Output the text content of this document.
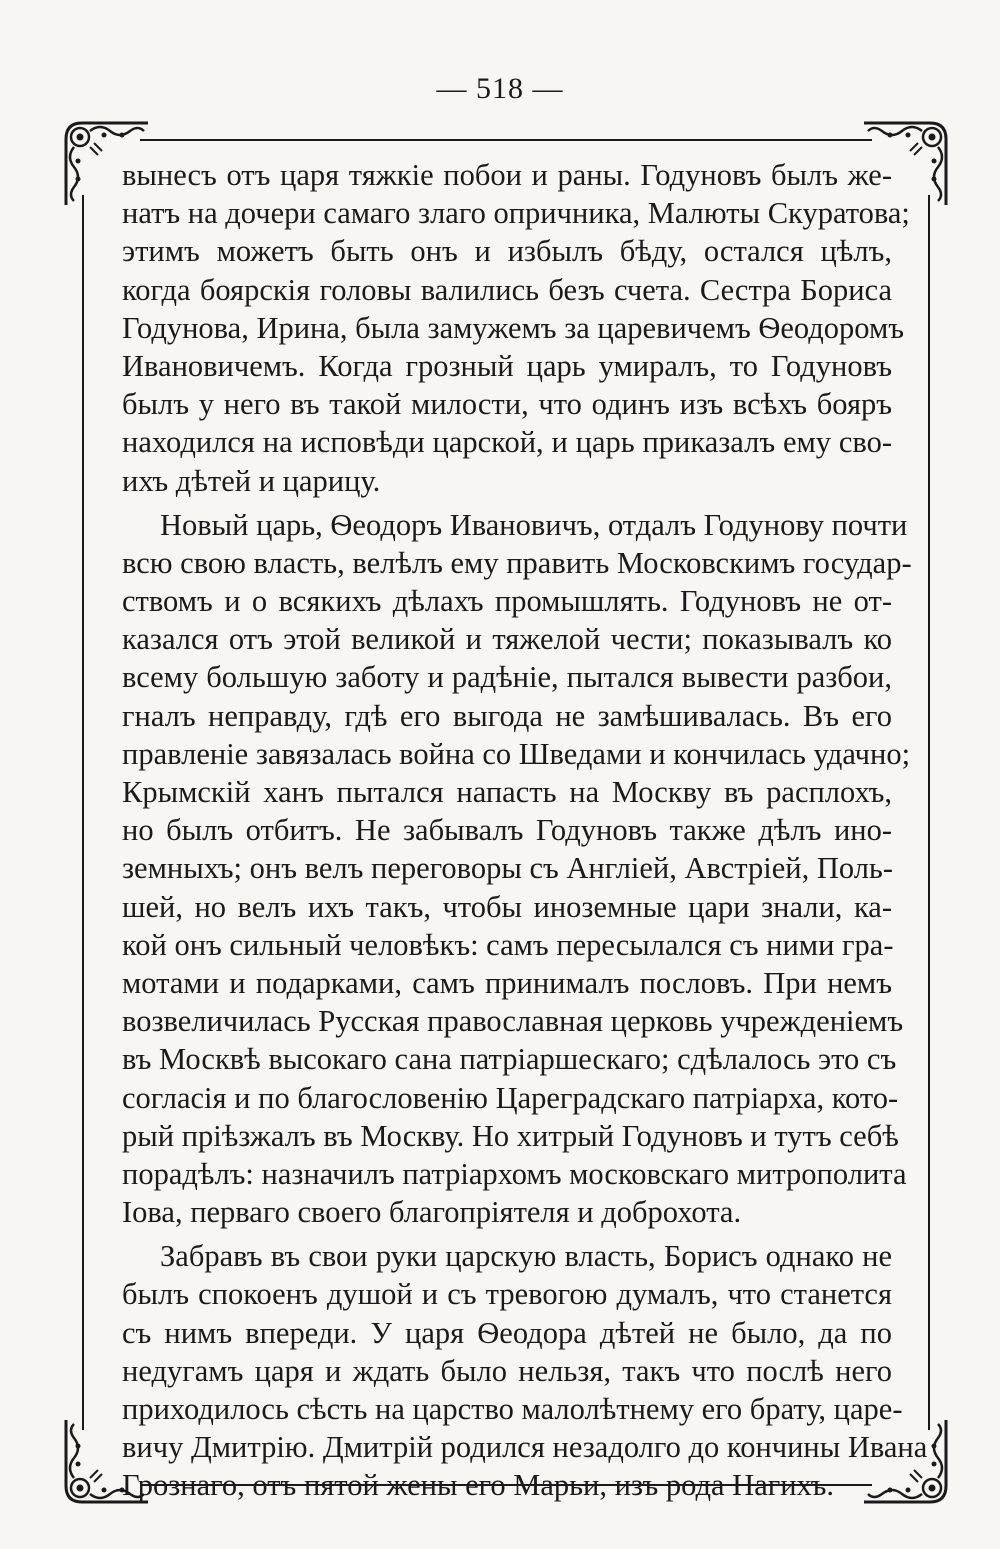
— 518 —
вынесъ отъ царя тяжкіе побои и раны. Годуновъ былъ же-
натъ на дочери самаго злаго опричника, Малюты Скуратова;
этимъ можетъ быть онъ и избылъ бѣду, остался цѣлъ,
когда боярскія головы валились безъ счета. Сестра Бориса
Годунова, Ирина, была замужемъ за царевичемъ Ѳеодоромъ
Ивановичемъ. Когда грозный царь умиралъ, то Годуновъ
былъ у него въ такой милости, что одинъ изъ всѣхъ бояръ
находился на исповѣди царской, и царь приказалъ ему сво-
ихъ дѣтей и царицу.
Новый царь, Ѳеодоръ Ивановичъ, отдалъ Годунову почти
всю свою власть, велѣлъ ему править Московскимъ государ-
ствомъ и о всякихъ дѣлахъ промышлять. Годуновъ не от-
казался отъ этой великой и тяжелой чести; показывалъ ко
всему большую заботу и радѣніе, пытался вывести разбои,
гналъ неправду, гдѣ его выгода не замѣшивалась. Въ его
правленіе завязалась война со Шведами и кончилась удачно;
Крымскій ханъ пытался напасть на Москву въ расплохъ,
но былъ отбитъ. Не забывалъ Годуновъ также дѣлъ ино-
земныхъ; онъ велъ переговоры съ Англіей, Австріей, Поль-
шей, но велъ ихъ такъ, чтобы иноземные цари знали, ка-
кой онъ сильный человѣкъ: самъ пересылался съ ними гра-
мотами и подарками, самъ принималъ пословъ. При немъ
возвеличилась Русская православная церковь учрежденіемъ
въ Москвѣ высокаго сана патріаршескаго; сдѣлалось это съ
согласія и по благословенію Цареградскаго патріарха, кото-
рый пріѣзжалъ въ Москву. Но хитрый Годуновъ и тутъ себѣ
порадѣлъ: назначилъ патріархомъ московскаго митрополита
Іова, перваго своего благопріятеля и доброхота.
Забравъ въ свои руки царскую власть, Борисъ однако не
былъ спокоенъ душой и съ тревогою думалъ, что станется
съ нимъ впереди. У царя Ѳеодора дѣтей не было, да по
недугамъ царя и ждать было нельзя, такъ что послѣ него
приходилось сѣсть на царство малолѣтнему его брату, царе-
вичу Дмитрію. Дмитрій родился незадолго до кончины Ивана
Грознаго, отъ пятой жены его Марьи, изъ рода Нагихъ.
